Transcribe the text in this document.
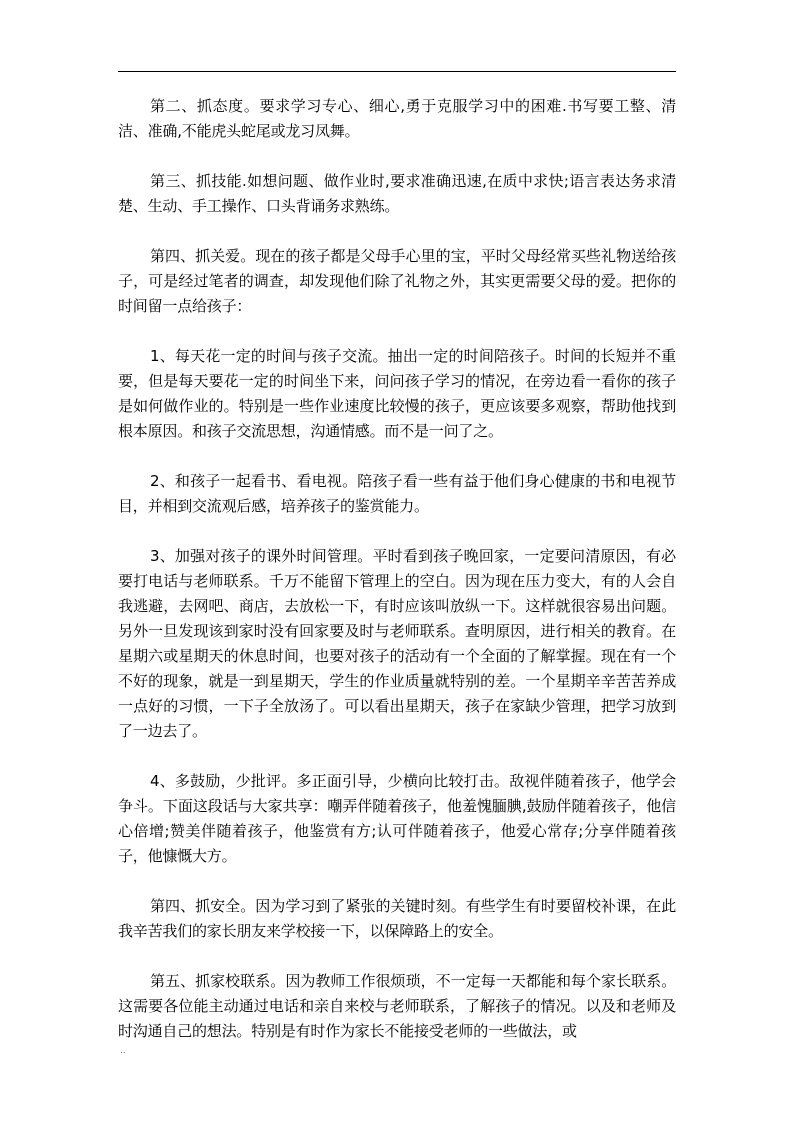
第二、抓态度。要求学习专心、细心,勇于克服学习中的困难.书写要工整、清洁、准确,不能虎头蛇尾或龙习凤舞。

第三、抓技能.如想问题、做作业时,要求准确迅速,在质中求快;语言表达务求清楚、生动、手工操作、口头背诵务求熟练。

第四、抓关爱。现在的孩子都是父母手心里的宝，平时父母经常买些礼物送给孩子，可是经过笔者的调查，却发现他们除了礼物之外，其实更需要父母的爱。把你的时间留一点给孩子：

1、每天花一定的时间与孩子交流。抽出一定的时间陪孩子。时间的长短并不重要，但是每天要花一定的时间坐下来，问问孩子学习的情况，在旁边看一看你的孩子是如何做作业的。特别是一些作业速度比较慢的孩子，更应该要多观察，帮助他找到根本原因。和孩子交流思想，沟通情感。而不是一问了之。

2、和孩子一起看书、看电视。陪孩子看一些有益于他们身心健康的书和电视节目，并相到交流观后感，培养孩子的鉴赏能力。

3、加强对孩子的课外时间管理。平时看到孩子晚回家，一定要问清原因，有必要打电话与老师联系。千万不能留下管理上的空白。因为现在压力变大，有的人会自我逃避，去网吧、商店，去放松一下，有时应该叫放纵一下。这样就很容易出问题。另外一旦发现该到家时没有回家要及时与老师联系。查明原因，进行相关的教育。在星期六或星期天的休息时间，也要对孩子的活动有一个全面的了解掌握。现在有一个不好的现象，就是一到星期天，学生的作业质量就特别的差。一个星期辛辛苦苦养成一点好的习惯，一下子全放汤了。可以看出星期天，孩子在家缺少管理，把学习放到了一边去了。

4、多鼓励，少批评。多正面引导，少横向比较打击。敌视伴随着孩子，他学会争斗。下面这段话与大家共享：嘲弄伴随着孩子，他羞愧腼腆,鼓励伴随着孩子，他信心倍增;赞美伴随着孩子，他鉴赏有方;认可伴随着孩子，他爱心常存;分享伴随着孩子，他慷慨大方。

第四、抓安全。因为学习到了紧张的关键时刻。有些学生有时要留校补课，在此我辛苦我们的家长朋友来学校接一下，以保障路上的安全。

第五、抓家校联系。因为教师工作很烦琐，不一定每一天都能和每个家长联系。这需要各位能主动通过电话和亲自来校与老师联系，了解孩子的情况。以及和老师及时沟通自己的想法。特别是有时作为家长不能接受老师的一些做法，或

..
